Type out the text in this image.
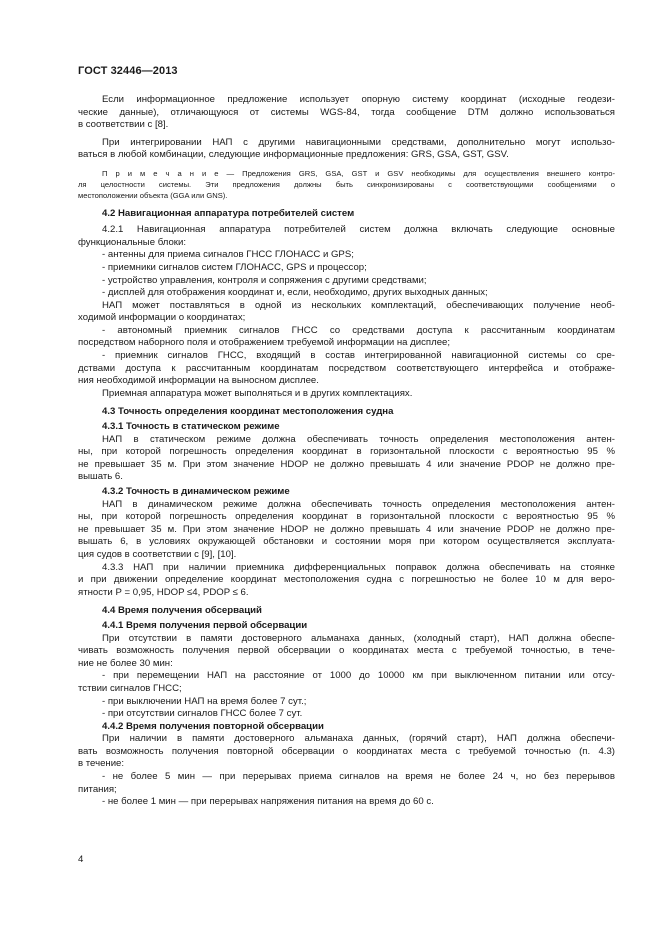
ГОСТ 32446—2013
Если информационное предложение использует опорную систему координат (исходные геодези-
ческие данные), отличающуюся от системы WGS-84, тогда сообщение DTM должно использоваться
в соответствии с [8].
При интегрировании НАП с другими навигационными средствами, дополнительно могут использо-
ваться в любой комбинации, следующие информационные предложения: GRS, GSA, GST, GSV.
П р и м е ч а н и е — Предложения GRS, GSA, GST и GSV необходимы для осуществления внешнего контро-
ля целостности системы. Эти предложения должны быть синхронизированы с соответствующими сообщениями о
местоположении объекта (GGA или GNS).
4.2 Навигационная аппаратура потребителей систем
4.2.1 Навигационная аппаратура потребителей систем должна включать следующие основные
функциональные блоки:
- антенны для приема сигналов ГНСС ГЛОНАСС и GPS;
- приемники сигналов систем ГЛОНАСС, GPS и процессор;
- устройство управления, контроля и сопряжения с другими средствами;
- дисплей для отображения координат и, если, необходимо, других выходных данных;
НАП может поставляться в одной из нескольких комплектаций, обеспечивающих получение необ-
ходимой информации о координатах;
- автономный приемник сигналов ГНСС со средствами доступа к рассчитанным координатам
посредством наборного поля и отображением требуемой информации на дисплее;
- приемник сигналов ГНСС, входящий в состав интегрированной навигационной системы со сре-
дствами доступа к рассчитанным координатам посредством соответствующего интерфейса и отображе-
ния необходимой информации на выносном дисплее.
Приемная аппаратура может выполняться и в других комплектациях.
4.3 Точность определения координат местоположения судна
4.3.1 Точность в статическом режиме
НАП в статическом режиме должна обеспечивать точность определения местоположения антен-
ны, при которой погрешность определения координат в горизонтальной плоскости с вероятностью 95 %
не превышает 35 м. При этом значение HDOP не должно превышать 4 или значение PDOP не должно пре-
вышать 6.
4.3.2 Точность в динамическом режиме
НАП в динамическом режиме должна обеспечивать точность определения местоположения антен-
ны, при которой погрешность определения координат в горизонтальной плоскости с вероятностью 95 %
не превышает 35 м. При этом значение HDOP не должно превышать 4 или значение PDOP не должно пре-
вышать 6, в условиях окружающей обстановки и состоянии моря при котором осуществляется эксплуата-
ция судов в соответствии с [9], [10].
4.3.3 НАП при наличии приемника дифференциальных поправок должна обеспечивать на стоянке
и при движении определение координат местоположения судна с погрешностью не более 10 м для веро-
ятности Р = 0,95, HDOP ≤4, PDOP ≤ 6.
4.4 Время получения обсерваций
4.4.1 Время получения первой обсервации
При отсутствии в памяти достоверного альманаха данных, (холодный старт), НАП должна обеспе-
чивать возможность получения первой обсервации о координатах места с требуемой точностью, в тече-
ние не более 30 мин:
- при перемещении НАП на расстояние от 1000 до 10000 км при выключенном питании или отсу-
тствии сигналов ГНСС;
- при выключении НАП на время более 7 сут.;
- при отсутствии сигналов ГНСС более 7 сут.
4.4.2 Время получения повторной обсервации
При наличии в памяти достоверного альманаха данных, (горячий старт), НАП должна обеспечи-
вать возможность получения повторной обсервации о координатах места с требуемой точностью (п. 4.3)
в течение:
- не более 5 мин — при перерывах приема сигналов на время не более 24 ч, но без перерывов
питания;
- не более 1 мин — при перерывах напряжения питания на время до 60 с.
4
